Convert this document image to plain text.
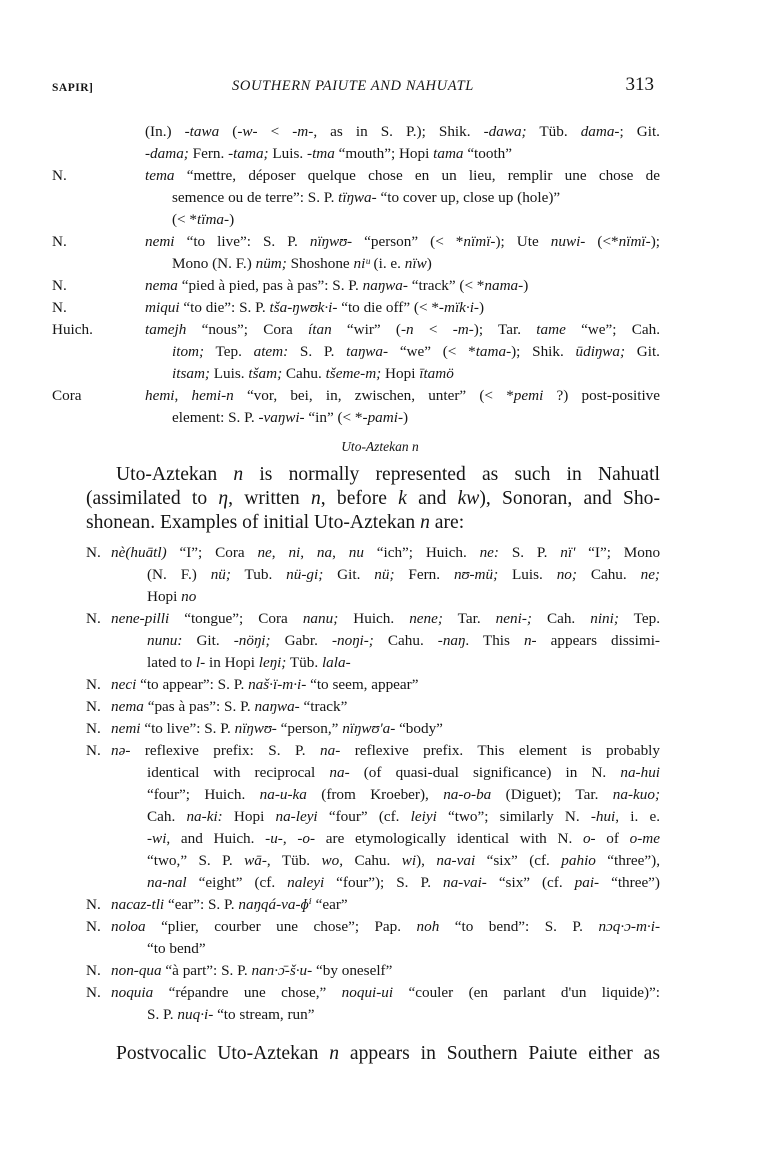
SAPIR]	SOUTHERN PAIUTE AND NAHUATL	313
(In.) -tawa (-w- < -m-, as in S. P.); Shik. -dawa; Tüb. dama-; Git.
-dama; Fern. -tama; Luis. -tma “mouth”; Hopi tama “tooth”
N.	tema “mettre, déposer quelque chose en un lieu, remplir une chose de
semence ou de terre”: S. P. tïŋwa- “to cover up, close up (hole)”
(< *tïma-)
N.	nemi “to live”: S. P. nïŋwʊ- “person” (< *nïmï-); Ute nuwi- (<*nïmï-);
Mono (N. F.) nüm; Shoshone niᵘ (i. e. nïw)
N.	nema “pied à pied, pas à pas”: S. P. naŋwa- “track” (< *nama-)
N.	miqui “to die”: S. P. tša-ŋwʊk·i- “to die off” (< *-mïk·i-)
Huich.	tamejh “nous”; Cora ítan “wir” (-n < -m-); Tar. tame “we”; Cah.
itom; Tep. atem: S. P. taŋwa- “we” (< *tama-); Shik. ūdiŋwa; Git.
itsam; Luis. tšam; Cahu. tšeme-m; Hopi ītamö
Cora	hemi, hemi-n “vor, bei, in, zwischen, unter” (< *pemi ?) post-positive
element: S. P. -vaŋwi- “in” (< *-pami-)
Uto-Aztekan n
Uto-Aztekan n is normally represented as such in Nahuatl
(assimilated to η, written n, before k and kw), Sonoran, and Sho-
shonean. Examples of initial Uto-Aztekan n are:
N. nè(huātl) “I”; Cora ne, ni, na, nu “ich”; Huich. ne: S. P. nï' “I”; Mono
(N. F.) nü; Tub. nü-gi; Git. nü; Fern. nʊ-mü; Luis. no; Cahu. ne;
Hopi no
N. nene-pilli “tongue”; Cora nanu; Huich. nene; Tar. neni-; Cah. nini; Tep.
nunu: Git. -nöŋi; Gabr. -noŋi-; Cahu. -naŋ. This n- appears dissimi-
lated to l- in Hopi leŋi; Tüb. lala-
N. neci “to appear”: S. P. naš·ï-m·i- “to seem, appear”
N. nema “pas à pas”: S. P. naŋwa- “track”
N. nemi “to live”: S. P. nïŋwʊ- “person,” nïŋwʊ'a- “body”
N. nə- reflexive prefix: S. P. na- reflexive prefix. This element is probably
identical with reciprocal na- (of quasi-dual significance) in N. na-hui
“four”; Huich. na-u-ka (from Kroeber), na-o-ba (Diguet); Tar. na-kuo;
Cah. na-ki: Hopi na-leyi “four” (cf. leiyi “two”; similarly N. -hui, i. e.
-wi, and Huich. -u-, -o- are etymologically identical with N. o- of o-me
“two,” S. P. wā-, Tüb. wo, Cahu. wi), na-vai “six” (cf. pahio “three”),
na-nal “eight” (cf. naleyi “four”); S. P. na-vai- “six” (cf. pai- “three”)
N. nacaz-tli “ear”: S. P. naŋqá-va-ɸⁱ “ear”
N. noloa “plier, courber une chose”; Pap. noh “to bend”: S. P. nɔq·ɔ-m·i-
“to bend”
N. non-qua “à part”: S. P. nan·ɔ̄-š·u- “by oneself”
N. noquia “répandre une chose,” noqui-ui “couler (en parlant d'un liquide)”:
S. P. nuq·i- “to stream, run”
Postvocalic Uto-Aztekan n appears in Southern Paiute either as
